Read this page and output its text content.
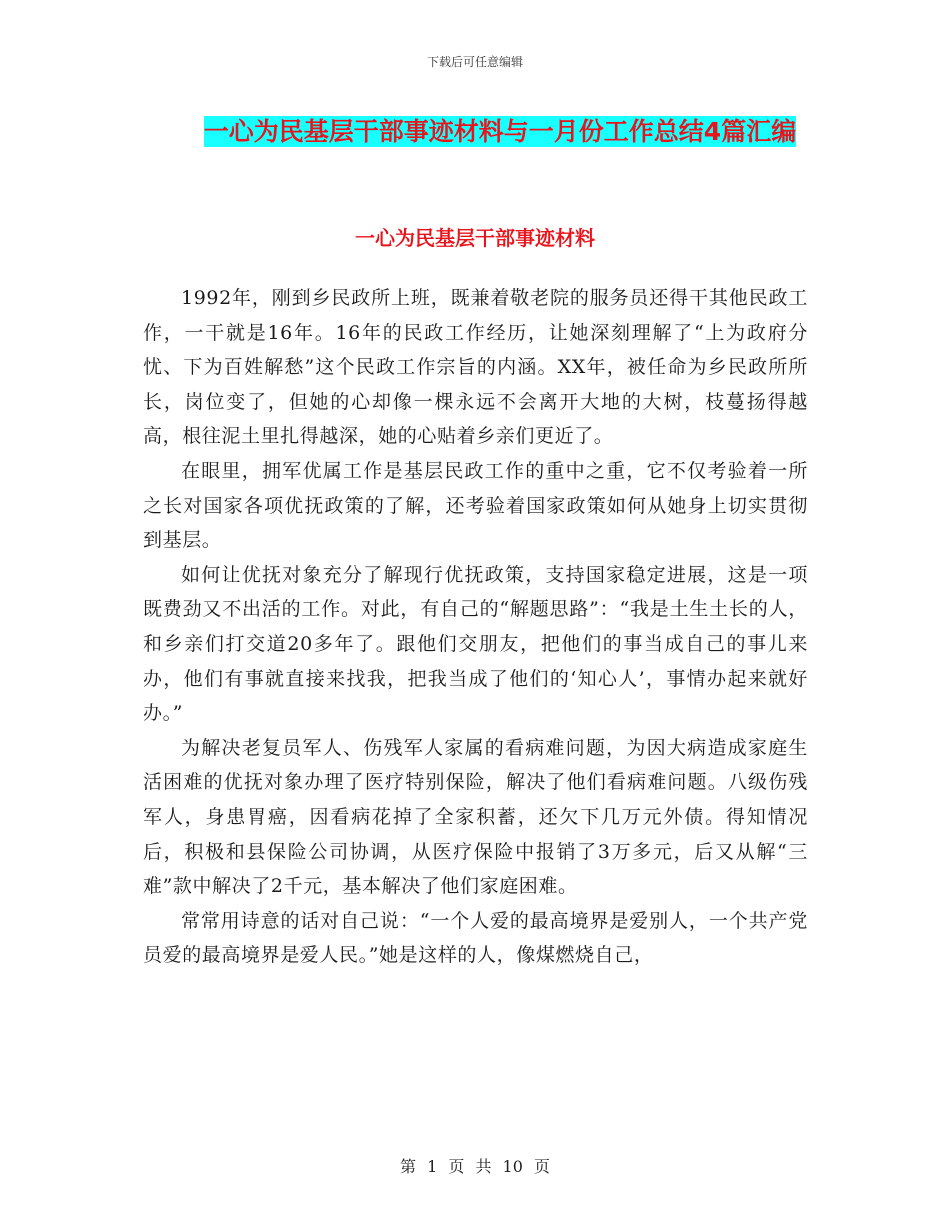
下载后可任意编辑
一心为民基层干部事迹材料与一月份工作总结4篇汇编
一心为民基层干部事迹材料

1992年，刚到乡民政所上班，既兼着敬老院的服务员还得干其他民政工作，一干就是16年。16年的民政工作经历，让她深刻理解了“上为政府分忧、下为百姓解愁”这个民政工作宗旨的内涵。XX年，被任命为乡民政所所长，岗位变了，但她的心却像一棵永远不会离开大地的大树，枝蔓扬得越高，根往泥土里扎得越深，她的心贴着乡亲们更近了。

在眼里，拥军优属工作是基层民政工作的重中之重，它不仅考验着一所之长对国家各项优抚政策的了解，还考验着国家政策如何从她身上切实贯彻到基层。

如何让优抚对象充分了解现行优抚政策，支持国家稳定进展，这是一项既费劲又不出活的工作。对此，有自己的“解题思路”：“我是土生土长的人，和乡亲们打交道20多年了。跟他们交朋友，把他们的事当成自己的事儿来办，他们有事就直接来找我，把我当成了他们的‘知心人’，事情办起来就好办。”

为解决老复员军人、伤残军人家属的看病难问题，为因大病造成家庭生活困难的优抚对象办理了医疗特别保险，解决了他们看病难问题。八级伤残军人，身患胃癌，因看病花掉了全家积蓄，还欠下几万元外债。得知情况后，积极和县保险公司协调，从医疗保险中报销了3万多元，后又从解“三难”款中解决了2千元，基本解决了他们家庭困难。

常常用诗意的话对自己说：“一个人爱的最高境界是爱别人，一个共产党员爱的最高境界是爱人民。”她是这样的人，像煤燃烧自己，

第 1 页 共 10 页
